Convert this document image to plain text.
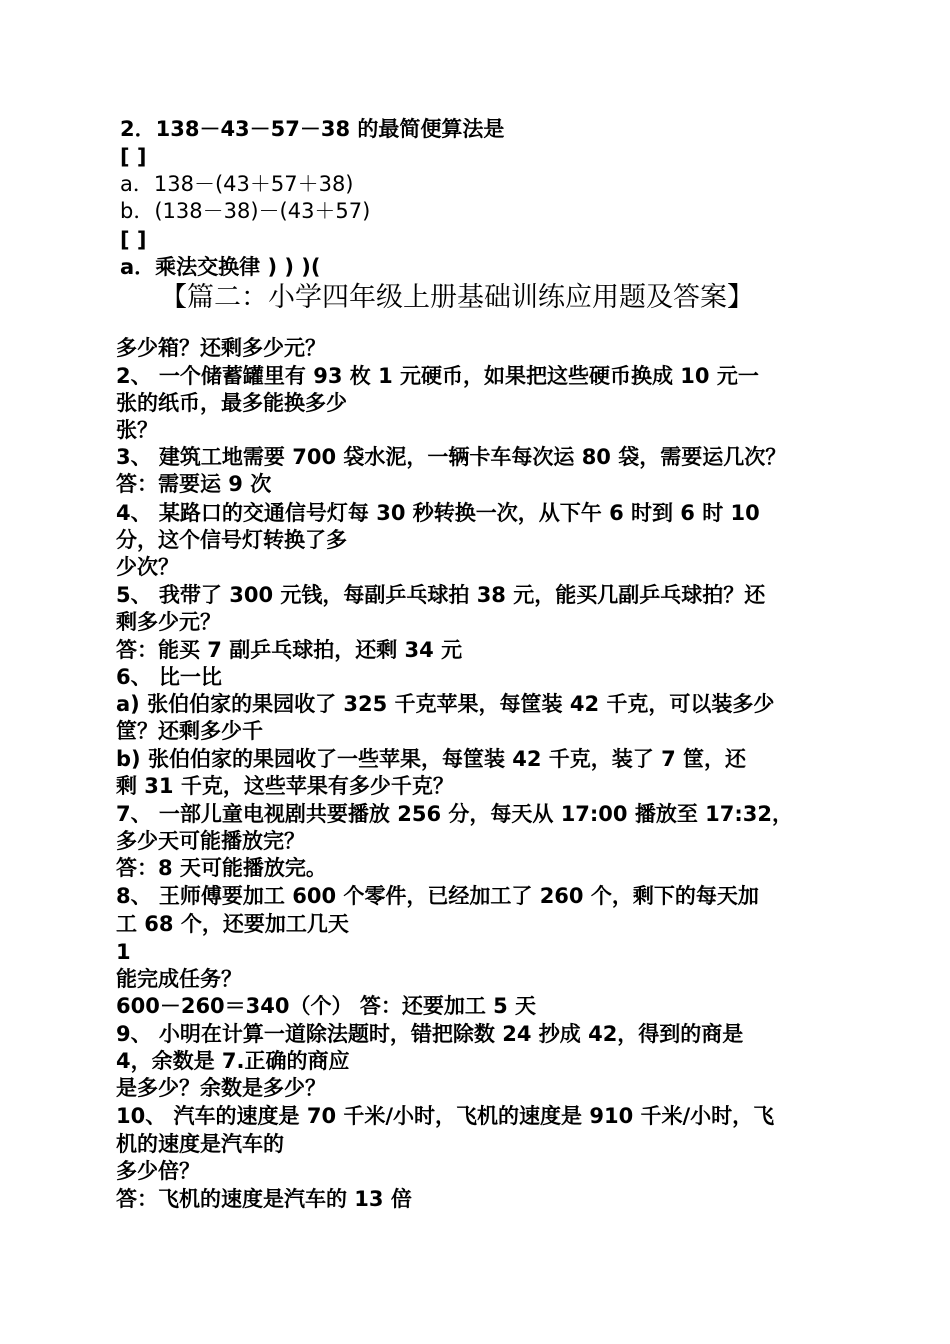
2．138－43－57－38 的最简便算法是
[ ]
a．138－(43＋57＋38)
b．(138－38)－(43＋57)
[ ]
a．乘法交换律 ) ) )(
【篇二：小学四年级上册基础训练应用题及答案】
多少箱？还剩多少元？
2、 一个储蓄罐里有 93 枚 1 元硬币，如果把这些硬币换成 10 元一
张的纸币，最多能换多少
张？
3、 建筑工地需要 700 袋水泥，一辆卡车每次运 80 袋，需要运几次？
答：需要运 9 次
4、 某路口的交通信号灯每 30 秒转换一次，从下午 6 时到 6 时 10
分，这个信号灯转换了多
少次？
5、 我带了 300 元钱，每副乒乓球拍 38 元，能买几副乒乓球拍？还
剩多少元？
答：能买 7 副乒乓球拍，还剩 34 元
6、 比一比
a) 张伯伯家的果园收了 325 千克苹果，每筐装 42 千克，可以装多少
筐？还剩多少千
b) 张伯伯家的果园收了一些苹果，每筐装 42 千克，装了 7 筐，还
剩 31 千克，这些苹果有多少千克？
7、 一部儿童电视剧共要播放 256 分，每天从 17:00 播放至 17:32，
多少天可能播放完？
答：8 天可能播放完。
8、 王师傅要加工 600 个零件，已经加工了 260 个，剩下的每天加
工 68 个，还要加工几天
1
能完成任务？
600－260＝340（个） 答：还要加工 5 天
9、 小明在计算一道除法题时，错把除数 24 抄成 42，得到的商是
4，余数是 7.正确的商应
是多少？余数是多少？
10、 汽车的速度是 70 千米/小时，飞机的速度是 910 千米/小时，飞
机的速度是汽车的
多少倍？
答：飞机的速度是汽车的 13 倍
